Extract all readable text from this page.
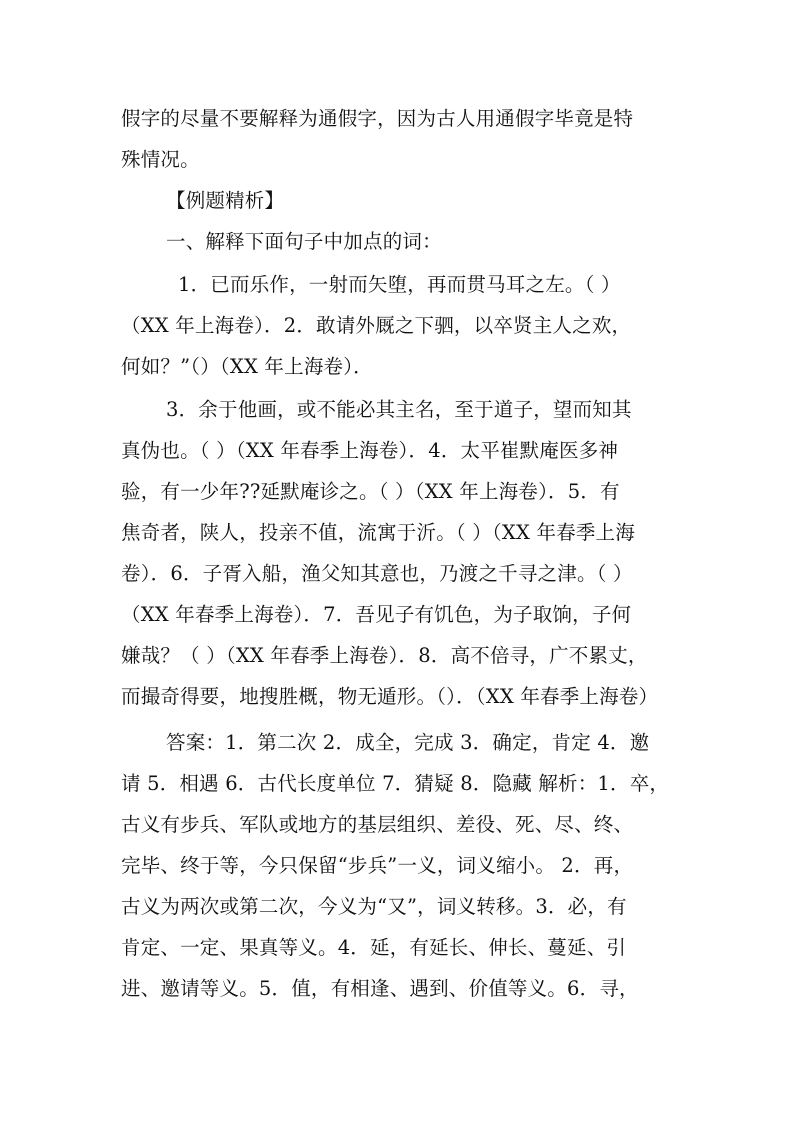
假字的尽量不要解释为通假字，因为古人用通假字毕竟是特
殊情况。
【例题精析】
一、解释下面句子中加点的词：
1．已而乐作，一射而矢堕，再而贯马耳之左。（ ）
（XX 年上海卷）．2．敢请外厩之下驷，以卒贤主人之欢，
何如？”（）（XX 年上海卷）．
3．余于他画，或不能必其主名，至于道子，望而知其
真伪也。（ ）（XX 年春季上海卷）．4．太平崔默庵医多神
验，有一少年??延默庵诊之。（ ）（XX 年上海卷）．5．有
焦奇者，陕人，投亲不值，流寓于沂。（ ）（XX 年春季上海
卷）．6．子胥入船，渔父知其意也，乃渡之千寻之津。（ ）
（XX 年春季上海卷）．7．吾见子有饥色，为子取饷，子何
嫌哉？（ ）（XX 年春季上海卷）．8．高不倍寻，广不累丈，
而撮奇得要，地搜胜概，物无遁形。（）．（XX 年春季上海卷）
答案：1．第二次 2．成全，完成 3．确定，肯定 4．邀
请 5．相遇 6．古代长度单位 7．猜疑 8．隐藏 解析：1．卒，
古义有步兵、军队或地方的基层组织、差役、死、尽、终、
完毕、终于等，今只保留“步兵”一义，词义缩小。 2．再，
古义为两次或第二次，今义为“又”，词义转移。3．必，有
肯定、一定、果真等义。4．延，有延长、伸长、蔓延、引
进、邀请等义。5．值，有相逢、遇到、价值等义。6．寻，
